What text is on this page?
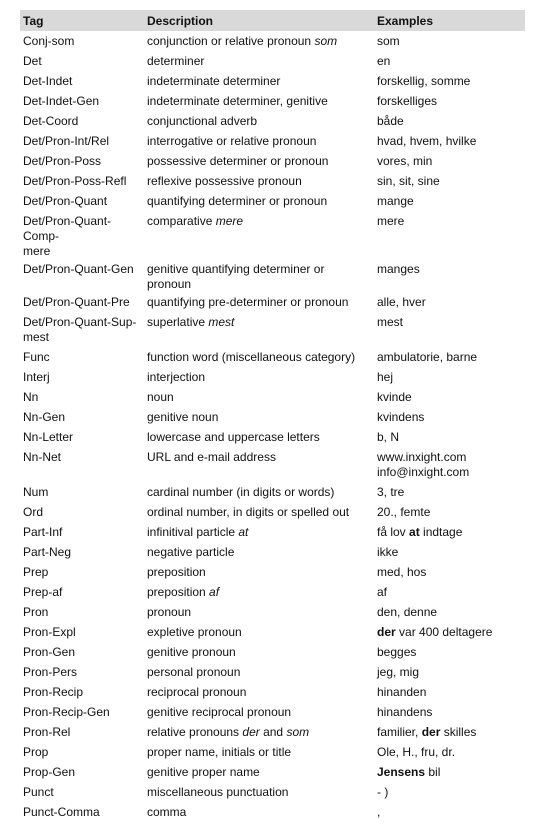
Tag	Description	Examples
Conj-som	conjunction or relative pronoun som	som
Det	determiner	en
Det-Indet	indeterminate determiner	forskellig, somme
Det-Indet-Gen	indeterminate determiner, genitive	forskelliges
Det-Coord	conjunctional adverb	både
Det/Pron-Int/Rel	interrogative or relative pronoun	hvad, hvem, hvilke
Det/Pron-Poss	possessive determiner or pronoun	vores, min
Det/Pron-Poss-Refl	reflexive possessive pronoun	sin, sit, sine
Det/Pron-Quant	quantifying determiner or pronoun	mange
Det/Pron-Quant-Comp-
mere	comparative mere	mere
Det/Pron-Quant-Gen	genitive quantifying determiner or pronoun	manges
Det/Pron-Quant-Pre	quantifying pre-determiner or pronoun	alle, hver
Det/Pron-Quant-Sup-
mest	superlative mest	mest
Func	function word (miscellaneous category)	ambulatorie, barne
Interj	interjection	hej
Nn	noun	kvinde
Nn-Gen	genitive noun	kvindens
Nn-Letter	lowercase and uppercase letters	b, N
Nn-Net	URL and e-mail address	www.inxight.com
info@inxight.com
Num	cardinal number (in digits or words)	3, tre
Ord	ordinal number, in digits or spelled out	20., femte
Part-Inf	infinitival particle at	få lov at indtage
Part-Neg	negative particle	ikke
Prep	preposition	med, hos
Prep-af	preposition af	af
Pron	pronoun	den, denne
Pron-Expl	expletive pronoun	der var 400 deltagere
Pron-Gen	genitive pronoun	begges
Pron-Pers	personal pronoun	jeg, mig
Pron-Recip	reciprocal pronoun	hinanden
Pron-Recip-Gen	genitive reciprocal pronoun	hinandens
Pron-Rel	relative pronouns der and som	familier, der skilles
Prop	proper name, initials or title	Ole, H., fru, dr.
Prop-Gen	genitive proper name	Jensens bil
Punct	miscellaneous punctuation	- )
Punct-Comma	comma	,
